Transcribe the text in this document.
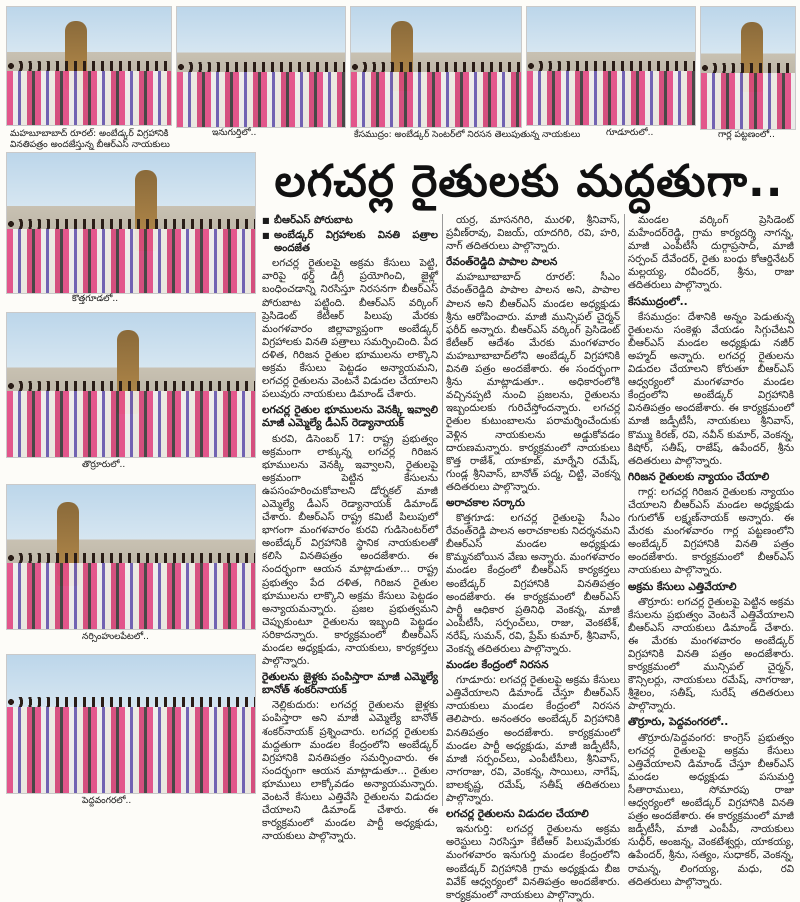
మహబూబాబాద్ రూరల్: అంబేడ్కర్ విగ్రహానికి
వినతిపత్రం అందజేస్తున్న బీఆర్ఎస్ నాయకులు
ఇనుగుర్తిలో..	కేసముద్రం: అంబేడ్కర్ సెంటర్‌లో నిరసన తెలుపుతున్న నాయకులు	గూడూరులో..	గార్ల పట్టణంలో..
కొత్తగూడలో..
తొర్రూరులో..
నర్సింహులపేటలో..
పెద్దవంగరలో..
లగచర్ల రైతులకు మద్దతుగా..

■ బీఆర్ఎస్ పోరుబాట

■ అంబేడ్కర్ విగ్రహాలకు వినతి పత్రాల అందజేత

లగచర్ల రైతులపై అక్రమ కేసులు పెట్టి, వారిపై థర్డ్ డిగ్రీ ప్రయోగించి, జైళ్లో బంధించడాన్ని నిరసిస్తూ నిరసనగా బీఆర్ఎస్ పోరుబాట పట్టింది. బీఆర్ఎస్ వర్కింగ్ ప్రెసిడెంట్ కేటీఆర్ పిలుపు మేరకు మంగళవారం జిల్లావ్యాప్తంగా అంబేడ్కర్ విగ్రహాలకు వినతి పత్రాలు సమర్పించింది. పేద దళిత, గిరిజన రైతుల భూములను లాక్కొని అక్రమ కేసులు పెట్టడం అన్యాయమని, లగచర్ల రైతులను వెంటనే విడుదల చేయాలని పలువురు నాయకులు డిమాండ్ చేశారు.

లగచర్ల రైతుల భూములను వెనక్కి ఇవ్వాలి మాజీ ఎమ్మెల్యే డీఎస్ రెడ్యానాయక్

కురవి, డిసెంబర్ 17: రాష్ట్ర ప్రభుత్వం అక్రమంగా లాక్కున్న లగచర్ల గిరిజన భూములను వెనక్కి ఇవ్వాలని, రైతులపై అక్రమంగా పెట్టిన కేసులను ఉపసంహరించుకోవాలని డోర్నకల్ మాజీ ఎమ్మెల్యే డీఎస్ రెడ్యానాయక్ డిమాండ్ చేశారు. బీఆర్ఎస్ రాష్ట్ర కమిటీ పిలుపులో భాగంగా మంగళవారం కురవి గుడిసెంటర్‌లో అంబేడ్కర్ విగ్రహానికి స్థానిక నాయకులతో కలిసి వినతిపత్రం అందజేశారు. ఈ సందర్భంగా ఆయన మాట్లాడుతూ... రాష్ట్ర ప్రభుత్వం పేద దళిత, గిరిజన రైతుల భూములను లాక్కొని అక్రమ కేసులు పెట్టడం అన్యాయమన్నారు. ప్రజల ప్రభుత్వమని చెప్పుకుంటూ రైతులను ఇబ్బంది పెట్టడం సరికాదన్నారు. కార్యక్రమంలో బీఆర్ఎస్ మండల అధ్యక్షుడు, నాయకులు, కార్యకర్తలు పాల్గొన్నారు.

రైతులను జైళ్లకు పంపిస్తారా మాజీ ఎమ్మెల్యే బానోత్ శంకర్‌నాయక్

నెల్లికుదురు: లగచర్ల రైతులను జైళ్లకు పంపిస్తారా అని మాజీ ఎమ్మెల్యే బానోత్ శంకర్‌నాయక్ ప్రశ్నించారు. లగచర్ల రైతులకు మద్దతుగా మండల కేంద్రంలోని అంబేడ్కర్ విగ్రహానికి వినతిపత్రం సమర్పించారు. ఈ సందర్భంగా ఆయన మాట్లాడుతూ... రైతుల భూములు లాక్కోవడం అన్యాయమన్నారు. వెంటనే కేసులు ఎత్తివేసి రైతులను విడుదల చేయాలని డిమాండ్ చేశారు. ఈ కార్యక్రమంలో మండల పార్టీ అధ్యక్షుడు, నాయకులు పాల్గొన్నారు.

యర్ర, మాసనగిరి, మురళి, శ్రీనివాస్, ప్రవీణ్‌రావు, విజయ్, యాదగిరి, రవి, హరి, నాగ్ తదితరులు పాల్గొన్నారు.

రేవంత్‌రెడ్డిది పాపాల పాలన

మహబూబాబాద్ రూరల్: సీఎం రేవంత్‌రెడ్డిది పాపాల పాలన అని, పాపాల పాలన అని బీఆర్ఎస్ మండల అధ్యక్షుడు శ్రీను ఆరోపించారు. మాజీ మున్సిపల్ చైర్మన్ ఫరీద్ అన్నారు. బీఆర్ఎస్ వర్కింగ్ ప్రెసిడెంట్ కేటీఆర్ ఆదేశం మేరకు మంగళవారం మహబూబాబాద్‌లోని అంబేడ్కర్ విగ్రహానికి వినతి పత్రం అందజేశారు. ఈ సందర్భంగా శ్రీను మాట్లాడుతూ.. అధికారంలోకి వచ్చినప్పటి నుంచి ప్రజలను, రైతులను ఇబ్బందులకు గురిచేస్తోందన్నారు. లగచర్ల రైతుల కుటుంబాలను పరామర్శించేందుకు వెళ్లిన నాయకులను అడ్డుకోవడం దారుణమన్నారు. కార్యక్రమంలో నాయకులు కొత్త రాజేశ్, యాకూబ్, మార్నేని రమేష్, గుండ్ల శ్రీనివాస్, బానోత్ పద్మ, చిట్టి, వెంకన్న తదితరులు పాల్గొన్నారు.

అరాచకాల సర్కారు

కొత్తగూడ: లగచర్ల రైతులపై సీఎం రేవంత్‌రెడ్డి పాలన అరాచకాలకు నిదర్శనమని బీఆర్ఎస్ మండల అధ్యక్షుడు కొమ్మనబోయిన వేణు అన్నారు. మంగళవారం మండల కేంద్రంలో బీఆర్ఎస్ కార్యకర్తలు అంబేడ్కర్ విగ్రహానికి వినతిపత్రం అందజేశారు. ఈ కార్యక్రమంలో బీఆర్ఎస్ పార్టీ ఆధికార ప్రతినిధి వెంకన్న, మాజీ ఎంపీటీసీ, సర్పంచ్‌లు, రాజు, వెంకటేశ్, నరేష్, సుమన్, రవి, ప్రేమ్ కుమార్, శ్రీనివాస్, వెంకన్న తదితరులు పాల్గొన్నారు.

మండల కేంద్రంలో నిరసన

గూడూరు: లగచర్ల రైతులపై అక్రమ కేసులు ఎత్తివేయాలని డిమాండ్ చేస్తూ బీఆర్ఎస్ నాయకులు మండల కేంద్రంలో నిరసన తెలిపారు. అనంతరం అంబేడ్కర్ విగ్రహానికి వినతిపత్రం అందజేశారు. కార్యక్రమంలో మండల పార్టీ అధ్యక్షుడు, మాజీ జడ్పీటీసీ, మాజీ సర్పంచ్‌లు, ఎంపీటీసీలు, శ్రీనివాస్, నాగరాజు, రవి, వెంకన్న, సాయిలు, నాగేష్, బాలకృష్ణ, రమేష్, సతీష్ తదితరులు పాల్గొన్నారు.

లగచర్ల రైతులను విడుదల చేయాలి

ఇనుగుర్తి: లగచర్ల రైతులను అక్రమ అరెస్టులు నిరసిస్తూ కేటీఆర్ పిలుపుమేరకు మంగళవారం ఇనుగుర్తి మండల కేంద్రంలోని అంబేడ్కర్ విగ్రహానికి గ్రామ అధ్యక్షుడు బీజ వివేక్ ఆధ్వర్యంలో వినతిపత్రం అందజేశారు. కార్యక్రమంలో నాయకులు పాల్గొన్నారు.

మండల వర్కింగ్ ప్రెసిడెంట్ మహేందర్‌రెడ్డి, గ్రామ కార్యదర్శి నాగన్న, మాజీ ఎంపీటీసీ దుర్గాప్రసాద్, మాజీ సర్పంచ్ దేవేందర్, రైతు బంధు కోఆర్డినేటర్ మల్లయ్య, రవీందర్, శ్రీను, రాజు తదితరులు పాల్గొన్నారు.

కేసముద్రంలో..

కేసముద్రం: దేశానికి అన్నం పెడుతున్న రైతులను సంకెళ్లు వేయడం సిగ్గుచేటని బీఆర్ఎస్ మండల అధ్యక్షుడు నజీర్ అహ్మద్ అన్నారు. లగచర్ల రైతులను విడుదల చేయాలని కోరుతూ బీఆర్ఎస్ ఆధ్వర్యంలో మంగళవారం మండల కేంద్రంలోని అంబేడ్కర్ విగ్రహానికి వినతిపత్రం అందజేశారు. ఈ కార్యక్రమంలో మాజీ జడ్పీటీసీ, నాయకులు శ్రీనివాస్, కొమ్ము కిరణ్, రవి, నవీన్ కుమార్, వెంకన్న, కిషోర్, సతీష్, రాజేష్, ఉపేందర్, శ్రీను తదితరులు పాల్గొన్నారు.

గిరిజన రైతులకు న్యాయం చేయాలి

గార్ల: లగచర్ల గిరిజన రైతులకు న్యాయం చేయాలని బీఆర్ఎస్ మండల అధ్యక్షుడు గుగులోత్ లక్ష్మణ్‌నాయక్ అన్నారు. ఈ మేరకు మంగళవారం గార్ల పట్టణంలోని అంబేడ్కర్ విగ్రహానికి వినతి పత్రం అందజేశారు. కార్యక్రమంలో బీఆర్ఎస్ నాయకులు పాల్గొన్నారు.

అక్రమ కేసులు ఎత్తివేయాలి

తొర్రూరు: లగచర్ల రైతులపై పెట్టిన అక్రమ కేసులను ప్రభుత్వం వెంటనే ఎత్తివేయాలని బీఆర్ఎస్ నాయకులు డిమాండ్ చేశారు. ఈ మేరకు మంగళవారం అంబేడ్కర్ విగ్రహానికి వినతి పత్రం అందజేశారు. కార్యక్రమంలో మున్సిపల్ చైర్మన్, కౌన్సిలర్లు, నాయకులు రమేష్, నాగరాజు, శ్రీశైలం, సతీష్, సురేష్ తదితరులు పాల్గొన్నారు.

తొర్రూరు, పెద్దవంగరలో..

తొర్రూరు/పెద్దవంగర: కాంగ్రెస్ ప్రభుత్వం లగచర్ల రైతులపై అక్రమ కేసులు ఎత్తివేయాలని డిమాండ్ చేస్తూ బీఆర్ఎస్ మండల అధ్యక్షుడు పసుమర్తి సీతారాములు, సోమారపు రాజు ఆధ్వర్యంలో అంబేడ్కర్ విగ్రహానికి వినతి పత్రం అందజేశారు. ఈ కార్యక్రమంలో మాజీ జడ్పీటీసీ, మాజీ ఎంపీపీ, నాయకులు సుధీర్, అంజన్న, వెంకటేశ్వర్లు, యాకయ్య, ఉపేందర్, శ్రీను, సత్యం, సుధాకర్, వెంకన్న, రామన్న, లింగయ్య, మధు, రవి తదితరులు పాల్గొన్నారు.
